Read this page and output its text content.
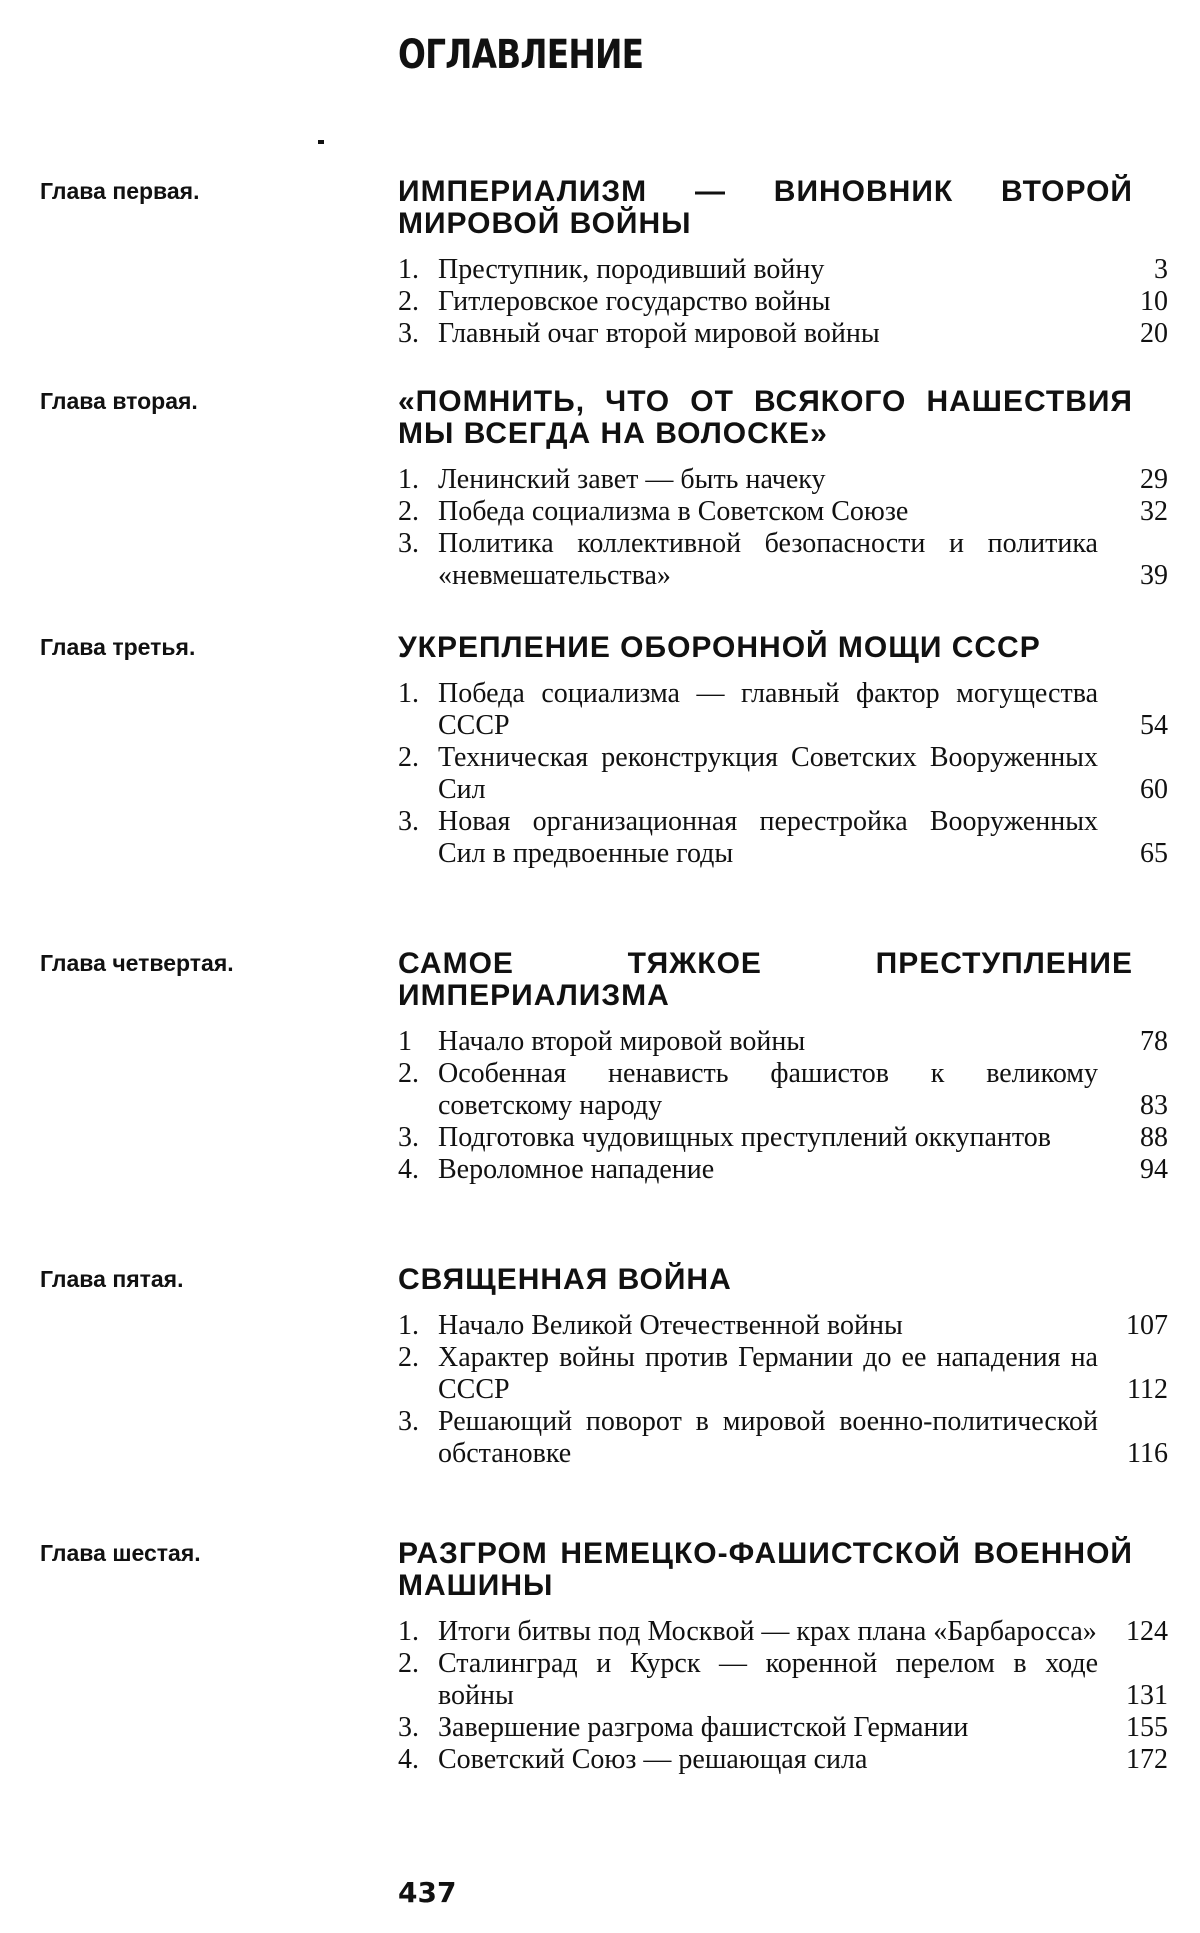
ОГЛАВЛЕНИЕ
Глава первая.	ИМПЕРИАЛИЗМ — ВИНОВНИК ВТОРОЙ МИРОВОЙ ВОЙНЫ
1. Преступник, породивший войну	3
2. Гитлеровское государство войны	10
3. Главный очаг второй мировой войны	20
Глава вторая.	«ПОМНИТЬ, ЧТО ОТ ВСЯКОГО НАШЕСТВИЯ МЫ ВСЕГДА НА ВОЛОСКЕ»
1. Ленинский завет — быть начеку	29
2. Победа социализма в Советском Союзе	32
3. Политика коллективной безопасности и политика «невмешательства»	39
Глава третья.	УКРЕПЛЕНИЕ ОБОРОННОЙ МОЩИ СССР
1. Победа социализма — главный фактор могущества СССР	54
2. Техническая реконструкция Советских Вооруженных Сил	60
3. Новая организационная перестройка Вооруженных Сил в предвоенные годы	65
Глава четвертая.	САМОЕ ТЯЖКОЕ ПРЕСТУПЛЕНИЕ ИМПЕРИАЛИЗМА
1 Начало второй мировой войны	78
2. Особенная ненависть фашистов к великому советскому народу	83
3. Подготовка чудовищных преступлений оккупантов	88
4. Вероломное нападение	94
Глава пятая.	СВЯЩЕННАЯ ВОЙНА
1. Начало Великой Отечественной войны	107
2. Характер войны против Германии до ее нападения на СССР	112
3. Решающий поворот в мировой военно-политической обстановке	116
Глава шестая.	РАЗГРОМ НЕМЕЦКО-ФАШИСТСКОЙ ВОЕННОЙ МАШИНЫ
1. Итоги битвы под Москвой — крах плана «Барбаросса» 124
2. Сталинград и Курск — коренной перелом в ходе войны	131
3. Завершение разгрома фашистской Германии	155
4. Советский Союз — решающая сила	172
437
